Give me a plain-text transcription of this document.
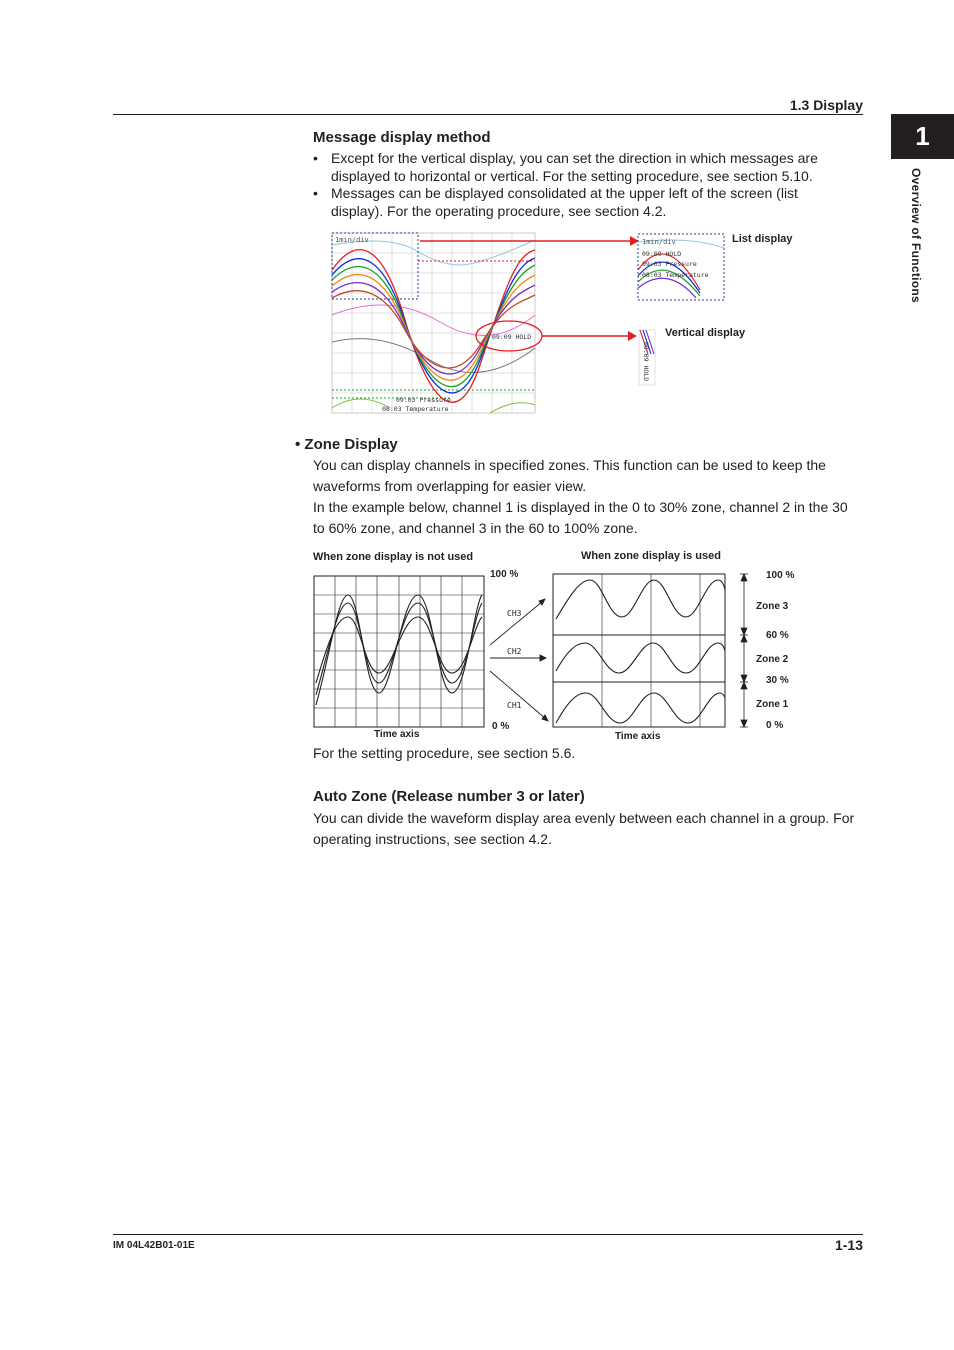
1.3 Display
1
Overview of Functions
Message display method
• Except for the vertical display, you can set the direction in which messages are displayed to horizontal or vertical. For the setting procedure, see section 5.10.
• Messages can be displayed consolidated at the upper left of the screen (list display). For the operating procedure, see section 4.2.
1min/div
09:09 HOLD
09:03 Pressure
08:03 Temperature
1min/div
09:09 HOLD
09:03 Pressure
08:03 Temperature
09:09 HOLD
List display
Vertical display
• Zone Display
You can display channels in specified zones. This function can be used to keep the waveforms from overlapping for easier view.
In the example below, channel 1 is displayed in the 0 to 30% zone, channel 2 in the 30 to 60% zone, and channel 3 in the 60 to 100% zone.
When zone display is not used	When zone display is used
CH3
CH2
CH1
100 %
0 %
Time axis	Time axis
100 %
Zone 3
60 %
Zone 2
30 %
Zone 1
0 %
For the setting procedure, see section 5.6.
Auto Zone (Release number 3 or later)
You can divide the waveform display area evenly between each channel in a group. For operating instructions, see section 4.2.
IM 04L42B01-01E	1-13
